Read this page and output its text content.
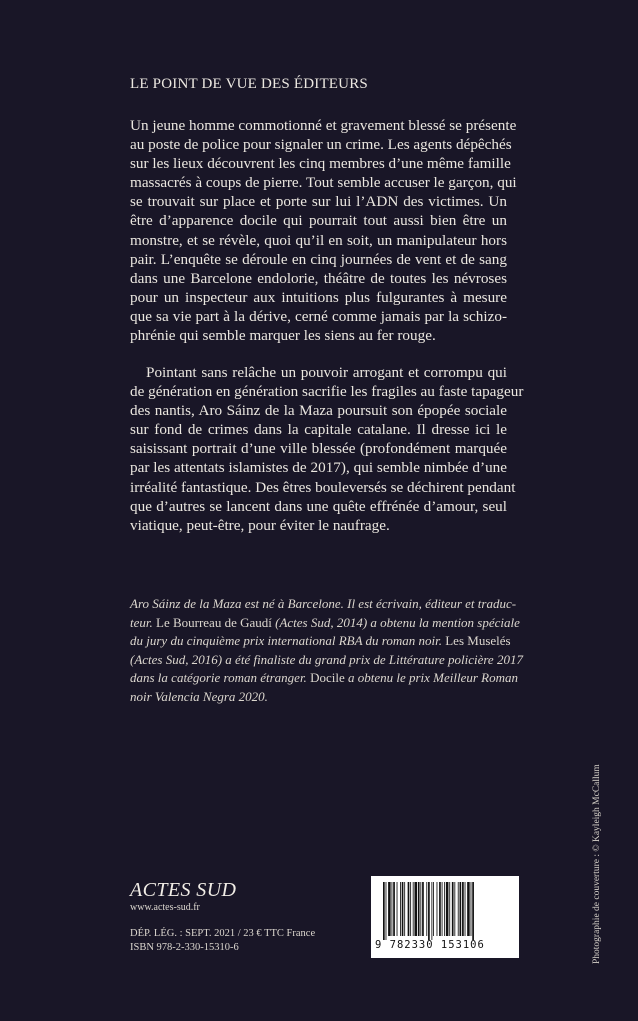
LE POINT DE VUE DES ÉDITEURS
Un jeune homme commotionné et gravement blessé se présente
au poste de police pour signaler un crime. Les agents dépêchés
sur les lieux découvrent les cinq membres d’une même famille
massacrés à coups de pierre. Tout semble accuser le garçon, qui
se trouvait sur place et porte sur lui l’ADN des victimes. Un
être d’apparence docile qui pourrait tout aussi bien être un
monstre, et se révèle, quoi qu’il en soit, un manipulateur hors
pair. L’enquête se déroule en cinq journées de vent et de sang
dans une Barcelone endolorie, théâtre de toutes les névroses
pour un inspecteur aux intuitions plus fulgurantes à mesure
que sa vie part à la dérive, cerné comme jamais par la schizo-
phrénie qui semble marquer les siens au fer rouge.
Pointant sans relâche un pouvoir arrogant et corrompu qui
de génération en génération sacrifie les fragiles au faste tapageur
des nantis, Aro Sáinz de la Maza poursuit son épopée sociale
sur fond de crimes dans la capitale catalane. Il dresse ici le
saisissant portrait d’une ville blessée (profondément marquée
par les attentats islamistes de 2017), qui semble nimbée d’une
irréalité fantastique. Des êtres bouleversés se déchirent pendant
que d’autres se lancent dans une quête effrénée d’amour, seul
viatique, peut-être, pour éviter le naufrage.
Aro Sáinz de la Maza est né à Barcelone. Il est écrivain, éditeur et traduc-
teur. Le Bourreau de Gaudí (Actes Sud, 2014) a obtenu la mention spéciale
du jury du cinquième prix international RBA du roman noir. Les Muselés
(Actes Sud, 2016) a été finaliste du grand prix de Littérature policière 2017
dans la catégorie roman étranger. Docile a obtenu le prix Meilleur Roman
noir Valencia Negra 2020.
ACTES SUD
www.actes-sud.fr
DÉP. LÉG. : SEPT. 2021 / 23 € TTC France
ISBN 978-2-330-15310-6	9 782330 153106	Photographie de couverture : © Kayleigh McCallum
